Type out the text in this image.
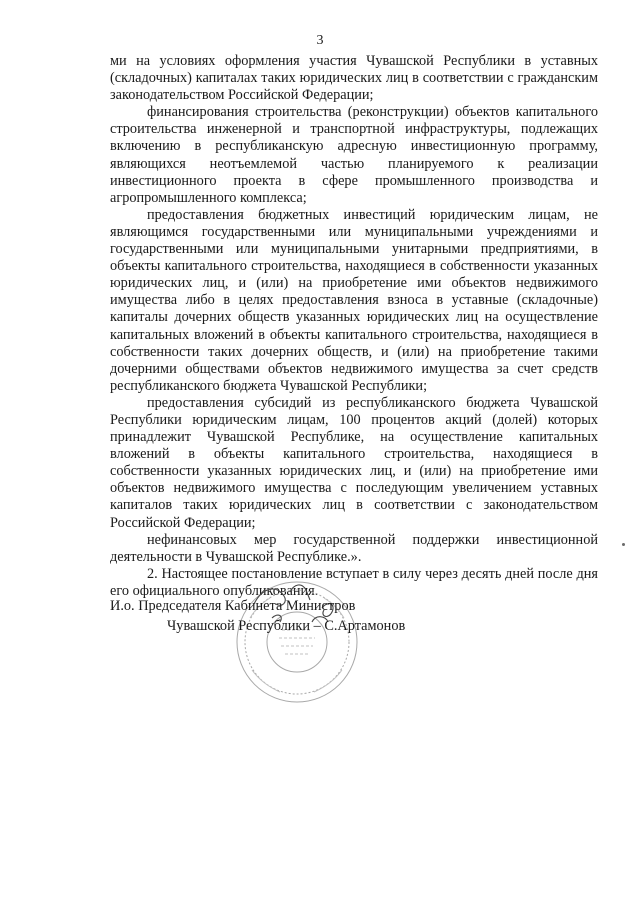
3

ми на условиях оформления участия Чувашской Республики в уставных (складочных) капиталах таких юридических лиц в соответствии с гражданским законодательством Российской Федерации;

финансирования строительства (реконструкции) объектов капитального строительства инженерной и транспортной инфраструктуры, подлежащих включению в республиканскую адресную инвестиционную программу, являющихся неотъемлемой частью планируемого к реализации инвестиционного проекта в сфере промышленного производства и агропромышленного комплекса;

предоставления бюджетных инвестиций юридическим лицам, не являющимся государственными или муниципальными учреждениями и государственными или муниципальными унитарными предприятиями, в объекты капитального строительства, находящиеся в собственности указанных юридических лиц, и (или) на приобретение ими объектов недвижимого имущества либо в целях предоставления взноса в уставные (складочные) капиталы дочерних обществ указанных юридических лиц на осуществление капитальных вложений в объекты капитального строительства, находящиеся в собственности таких дочерних обществ, и (или) на приобретение такими дочерними обществами объектов недвижимого имущества за счет средств республиканского бюджета Чувашской Республики;

предоставления субсидий из республиканского бюджета Чувашской Республики юридическим лицам, 100 процентов акций (долей) которых принадлежит Чувашской Республике, на осуществление капитальных вложений в объекты капитального строительства, находящиеся в собственности указанных юридических лиц, и (или) на приобретение ими объектов недвижимого имущества с последующим увеличением уставных капиталов таких юридических лиц в соответствии с законодательством Российской Федерации;

нефинансовых мер государственной поддержки инвестиционной деятельности в Чувашской Республике.».

2. Настоящее постановление вступает в силу через десять дней после дня его официального опубликования.

И.о. Председателя Кабинета Министров
Чувашской Республики – С.Артамонов
